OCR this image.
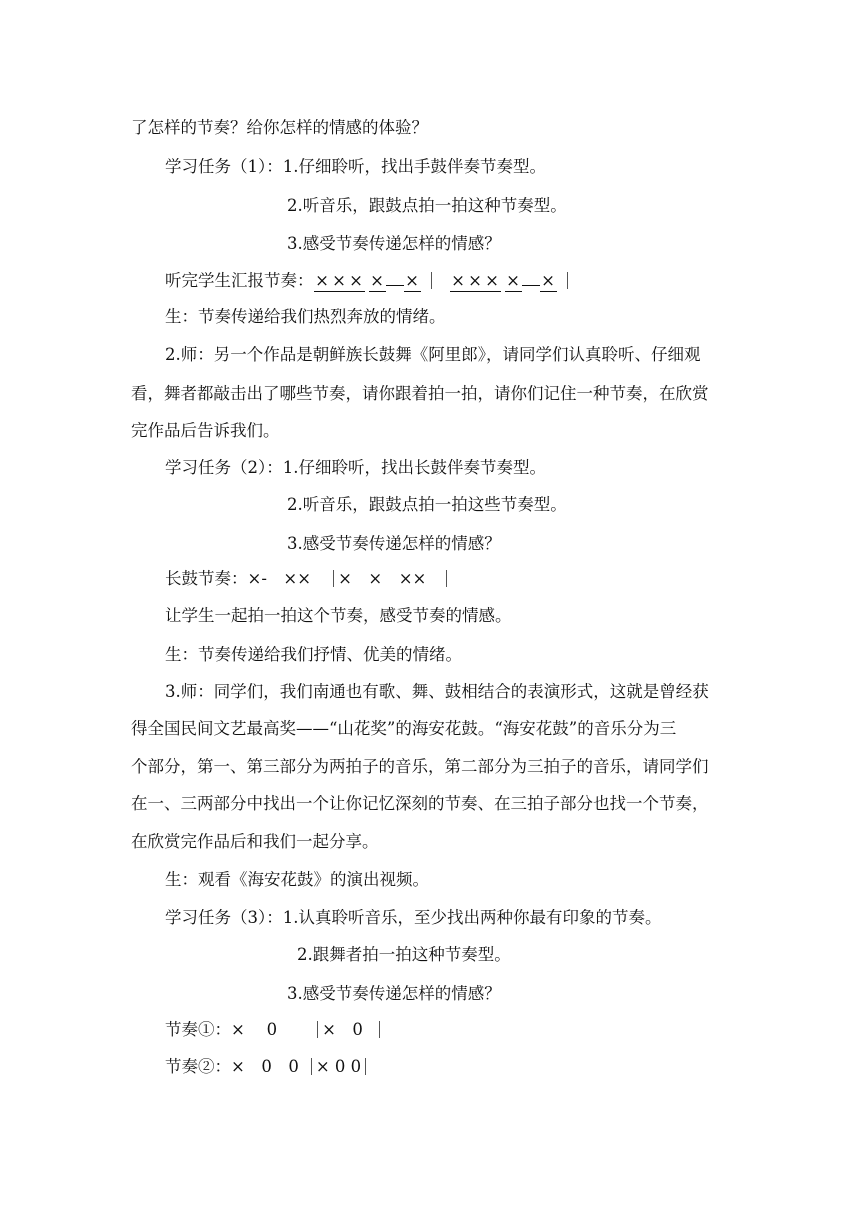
了怎样的节奏？给你怎样的情感的体验？
学习任务（1）：1.仔细聆听，找出手鼓伴奏节奏型。
2.听音乐，跟鼓点拍一拍这种节奏型。
3.感受节奏传递怎样的情感？
听完学生汇报节奏：× × × × × × × × × ×
生：节奏传递给我们热烈奔放的情绪。
2.师：另一个作品是朝鲜族长鼓舞《阿里郎》，请同学们认真聆听、仔细观
看，舞者都敲击出了哪些节奏，请你跟着拍一拍，请你们记住一种节奏，在欣赏
完作品后告诉我们。
学习任务（2）：1.仔细聆听，找出长鼓伴奏节奏型。
2.听音乐，跟鼓点拍一拍这些节奏型。
3.感受节奏传递怎样的情感？
长鼓节奏：×-　×× ×　×　××
让学生一起拍一拍这个节奏，感受节奏的情感。
生：节奏传递给我们抒情、优美的情绪。
3.师：同学们，我们南通也有歌、舞、鼓相结合的表演形式，这就是曾经获
得全国民间文艺最高奖——“山花奖”的海安花鼓。“海安花鼓”的音乐分为三
个部分，第一、第三部分为两拍子的音乐，第二部分为三拍子的音乐，请同学们
在一、三两部分中找出一个让你记忆深刻的节奏、在三拍子部分也找一个节奏，
在欣赏完作品后和我们一起分享。
生：观看《海安花鼓》的演出视频。
学习任务（3）：1.认真聆听音乐，至少找出两种你最有印象的节奏。
2.跟舞者拍一拍这种节奏型。
3.感受节奏传递怎样的情感？
节奏①：×　 0	×　0
节奏②：×　0　0 × 0 0
